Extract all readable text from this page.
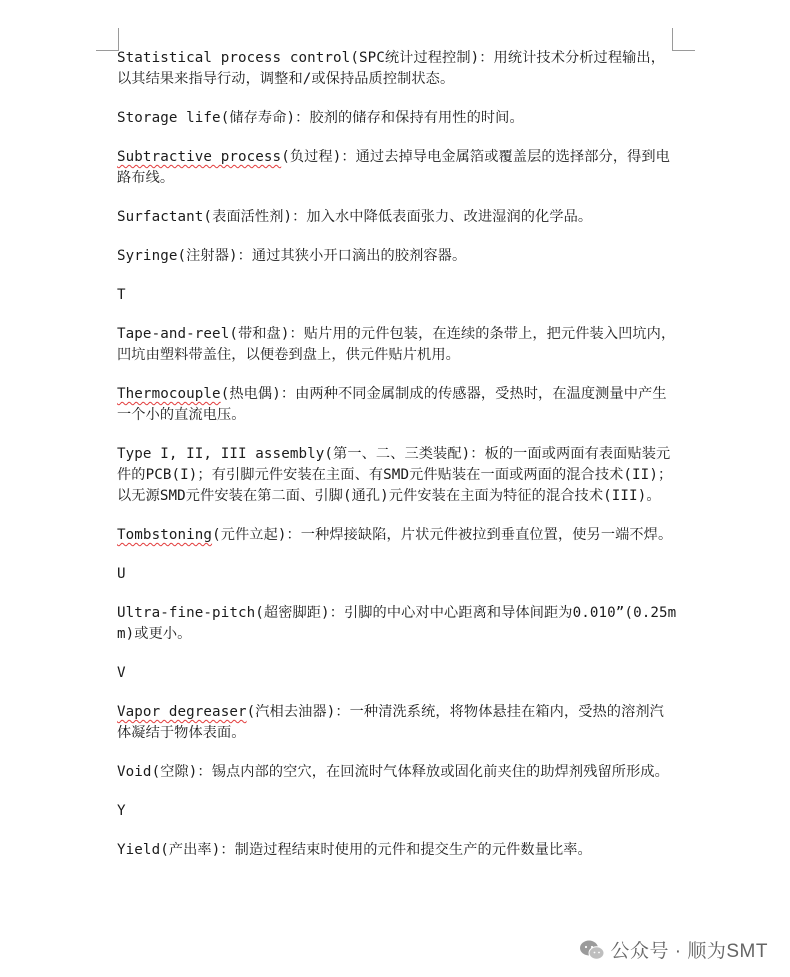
Statistical process control(SPC统计过程控制)：用统计技术分析过程输出，以其结果来指导行动，调整和/或保持品质控制状态。

Storage life(储存寿命)：胶剂的储存和保持有用性的时间。

Subtractive process(负过程)：通过去掉导电金属箔或覆盖层的选择部分，得到电路布线。

Surfactant(表面活性剂)：加入水中降低表面张力、改进湿润的化学品。

Syringe(注射器)：通过其狭小开口滴出的胶剂容器。

T

Tape-and-reel(带和盘)：贴片用的元件包装，在连续的条带上，把元件装入凹坑内，凹坑由塑料带盖住，以便卷到盘上，供元件贴片机用。

Thermocouple(热电偶)：由两种不同金属制成的传感器，受热时，在温度测量中产生一个小的直流电压。

Type I, II, III assembly(第一、二、三类装配)：板的一面或两面有表面贴装元件的PCB(I)；有引脚元件安装在主面、有SMD元件贴装在一面或两面的混合技术(II)；以无源SMD元件安装在第二面、引脚(通孔)元件安装在主面为特征的混合技术(III)。

Tombstoning(元件立起)：一种焊接缺陷，片状元件被拉到垂直位置，使另一端不焊。

U

Ultra-fine-pitch(超密脚距)：引脚的中心对中心距离和导体间距为0.010”(0.25mm)或更小。

V

Vapor degreaser(汽相去油器)：一种清洗系统，将物体悬挂在箱内，受热的溶剂汽体凝结于物体表面。

Void(空隙)：锡点内部的空穴，在回流时气体释放或固化前夹住的助焊剂残留所形成。

Y

Yield(产出率)：制造过程结束时使用的元件和提交生产的元件数量比率。

公众号 · 顺为SMT
